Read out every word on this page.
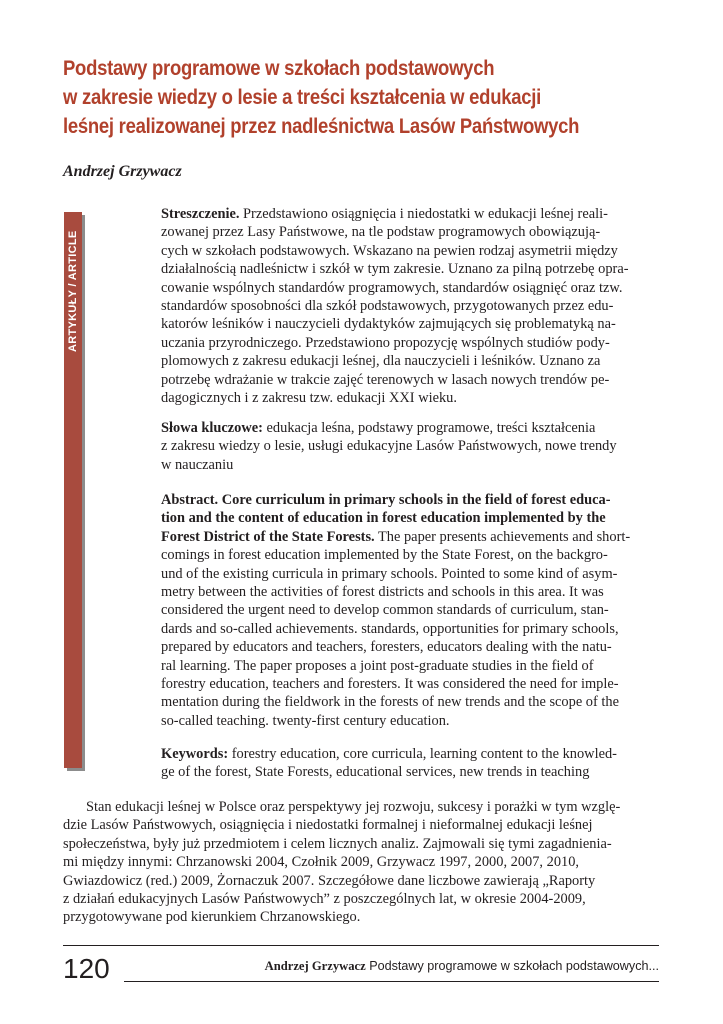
Podstawy programowe w szkołach podstawowych
w zakresie wiedzy o lesie a treści kształcenia w edukacji
leśnej realizowanej przez nadleśnictwa Lasów Państwowych
Andrzej Grzywacz
ARTYKUŁY / ARTICLE
Streszczenie. Przedstawiono osiągnięcia i niedostatki w edukacji leśnej reali-
zowanej przez Lasy Państwowe, na tle podstaw programowych obowiązują-
cych w szkołach podstawowych. Wskazano na pewien rodzaj asymetrii między
działalnością nadleśnictw i szkół w tym zakresie. Uznano za pilną potrzebę opra-
cowanie wspólnych standardów programowych, standardów osiągnięć oraz tzw.
standardów sposobności dla szkół podstawowych, przygotowanych przez edu-
katorów leśników i nauczycieli dydaktyków zajmujących się problematyką na-
uczania przyrodniczego. Przedstawiono propozycję wspólnych studiów pody-
plomowych z zakresu edukacji leśnej, dla nauczycieli i leśników. Uznano za
potrzebę wdrażanie w trakcie zajęć terenowych w lasach nowych trendów pe-
dagogicznych i z zakresu tzw. edukacji XXI wieku.
Słowa kluczowe: edukacja leśna, podstawy programowe, treści kształcenia
z zakresu wiedzy o lesie, usługi edukacyjne Lasów Państwowych, nowe trendy
w nauczaniu
Abstract. Core curriculum in primary schools in the field of forest educa-
tion and the content of education in forest education implemented by the
Forest District of the State Forests. The paper presents achievements and short-
comings in forest education implemented by the State Forest, on the backgro-
und of the existing curricula in primary schools. Pointed to some kind of asym-
metry between the activities of forest districts and schools in this area. It was
considered the urgent need to develop common standards of curriculum, stan-
dards and so-called achievements. standards, opportunities for primary schools,
prepared by educators and teachers, foresters, educators dealing with the natu-
ral learning. The paper proposes a joint post-graduate studies in the field of
forestry education, teachers and foresters. It was considered the need for imple-
mentation during the fieldwork in the forests of new trends and the scope of the
so-called teaching. twenty-first century education.
Keywords: forestry education, core curricula, learning content to the knowled-
ge of the forest, State Forests, educational services, new trends in teaching
Stan edukacji leśnej w Polsce oraz perspektywy jej rozwoju, sukcesy i porażki w tym wzglę-
dzie Lasów Państwowych, osiągnięcia i niedostatki formalnej i nieformalnej edukacji leśnej
społeczeństwa, były już przedmiotem i celem licznych analiz. Zajmowali się tymi zagadnienia-
mi między innymi: Chrzanowski 2004, Czołnik 2009, Grzywacz 1997, 2000, 2007, 2010,
Gwiazdowicz (red.) 2009, Żornaczuk 2007. Szczegółowe dane liczbowe zawierają „Raporty
z działań edukacyjnych Lasów Państwowych” z poszczególnych lat, w okresie 2004-2009,
przygotowywane pod kierunkiem Chrzanowskiego.
120	Andrzej Grzywacz Podstawy programowe w szkołach podstawowych...
